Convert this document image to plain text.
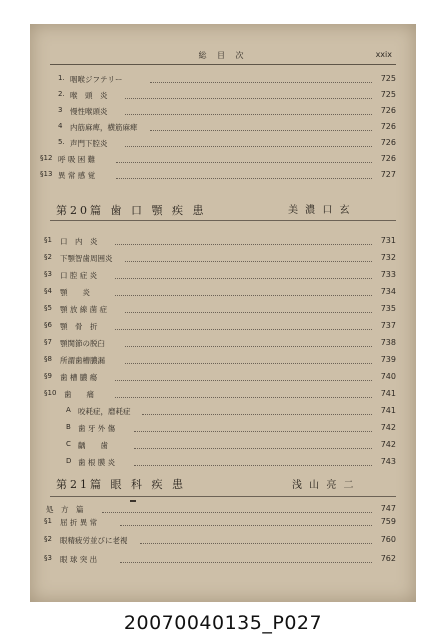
総 目 次	xxix
1. 咽喉ジフテリー	725
2. 喉　頭　炎	725
3 慢性喉頭炎	726
4 内筋麻痺，横筋麻痺	726
5. 声門下腔炎	726
§12 呼 吸 困 難	726
§13 異 常 感 覚	727
第20篇 歯 口 顎 疾 患	美 濃 口 玄
§1 口　内　炎	731
§2 下顎智歯周囲炎	732
§3 口 腔 症 炎	733
§4 顎　　炎	734
§5 顎 放 線 菌 症	735
§6 顎　骨　折	737
§7 顎関節の脱臼	738
§8 所謂歯槽膿漏	739
§9 歯 槽 膿 瘍	740
§10 歯　　痛	741
A 咬耗症，磨耗症	741
B 歯 牙 外 傷	742
C 齲　　歯	742
D 歯 根 膜 炎	743
第21篇 眼 科 疾 患	浅 山 亮 二
処　方　篇	747
§1 屈 折 異 常	759
§2 眼精疲労並びに老視	760
§3 眼 球 突 出	762
20070040135_P027
